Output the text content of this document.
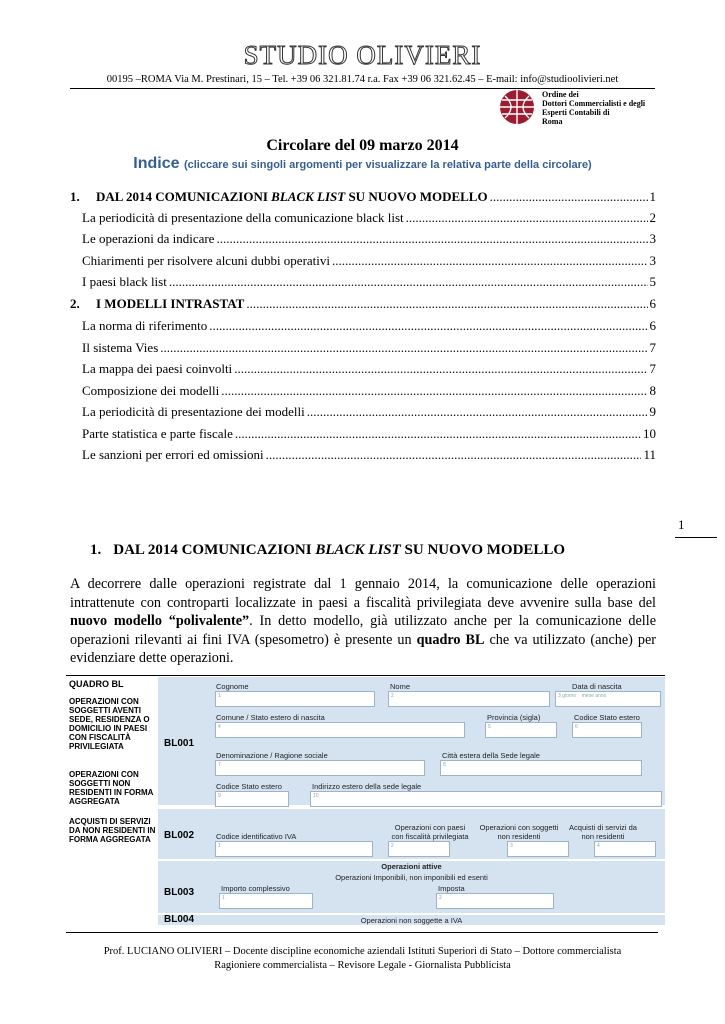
STUDIO OLIVIERI
00195 –ROMA Via M. Prestinari, 15 – Tel. +39 06 321.81.74 r.a. Fax +39 06 321.62.45 – E-mail: info@studioolivieri.net
Ordine dei
Dottori Commercialisti e degli
Esperti Contabili di
Roma
Circolare del 09 marzo 2014
Indice (cliccare sui singoli argomenti per visualizzare la relativa parte della circolare)
1.	DAL 2014 COMUNICAZIONI BLACK LIST SU NUOVO MODELLO .....	1
La periodicità di presentazione della comunicazione black list .....	2
Le operazioni da indicare .....	3
Chiarimenti per risolvere alcuni dubbi operativi .....	3
I paesi black list .....	5
2.	I MODELLI INTRASTAT .....	6
La norma di riferimento .....	6
Il sistema Vies .....	7
La mappa dei paesi coinvolti .....	7
Composizione dei modelli .....	8
La periodicità di presentazione dei modelli .....	9
Parte statistica e parte fiscale .....	10
Le sanzioni per errori ed omissioni .....	11
1
1. DAL 2014 COMUNICAZIONI BLACK LIST SU NUOVO MODELLO
A decorrere dalle operazioni registrate dal 1 gennaio 2014, la comunicazione delle operazioni intrattenute con controparti localizzate in paesi a fiscalità privilegiata deve avvenire sulla base del nuovo modello “polivalente”. In detto modello, già utilizzato anche per la comunicazione delle operazioni rilevanti ai fini IVA (spesometro) è presente un quadro BL che va utilizzato (anche) per evidenziare dette operazioni.
QUADRO BL
OPERAZIONI CON SOGGETTI AVENTI SEDE, RESIDENZA O DOMICILIO IN PAESI CON FISCALITÀ PRIVILEGIATA
OPERAZIONI CON SOGGETTI NON RESIDENTI IN FORMA AGGREGATA
ACQUISTI DI SERVIZI DA NON RESIDENTI IN FORMA AGGREGATA
BL001
Cognome
1
Nome
2
Data di nascita
3 giorno mese anno
Comune / Stato estero di nascita
4
Provincia (sigla)
5
Codice Stato estero
6
Denominazione / Ragione sociale
7
Città estera della Sede legale
8
Codice Stato estero
9
Indirizzo estero della sede legale
10
BL002	Codice identificativo IVA
1
Operazioni con paesi con fiscalità privilegiata
2
Operazioni con soggetti non residenti
3
Acquisti di servizi da non residenti
4
Operazioni attive
Operazioni Imponibili, non imponibili ed esenti
BL003	Importo complessivo
1
Imposta
2
BL004	Operazioni non soggette a IVA
Prof. LUCIANO OLIVIERI – Docente discipline economiche aziendali Istituti Superiori di Stato – Dottore commercialista
Ragioniere commercialista – Revisore Legale - Giornalista Pubblicista
